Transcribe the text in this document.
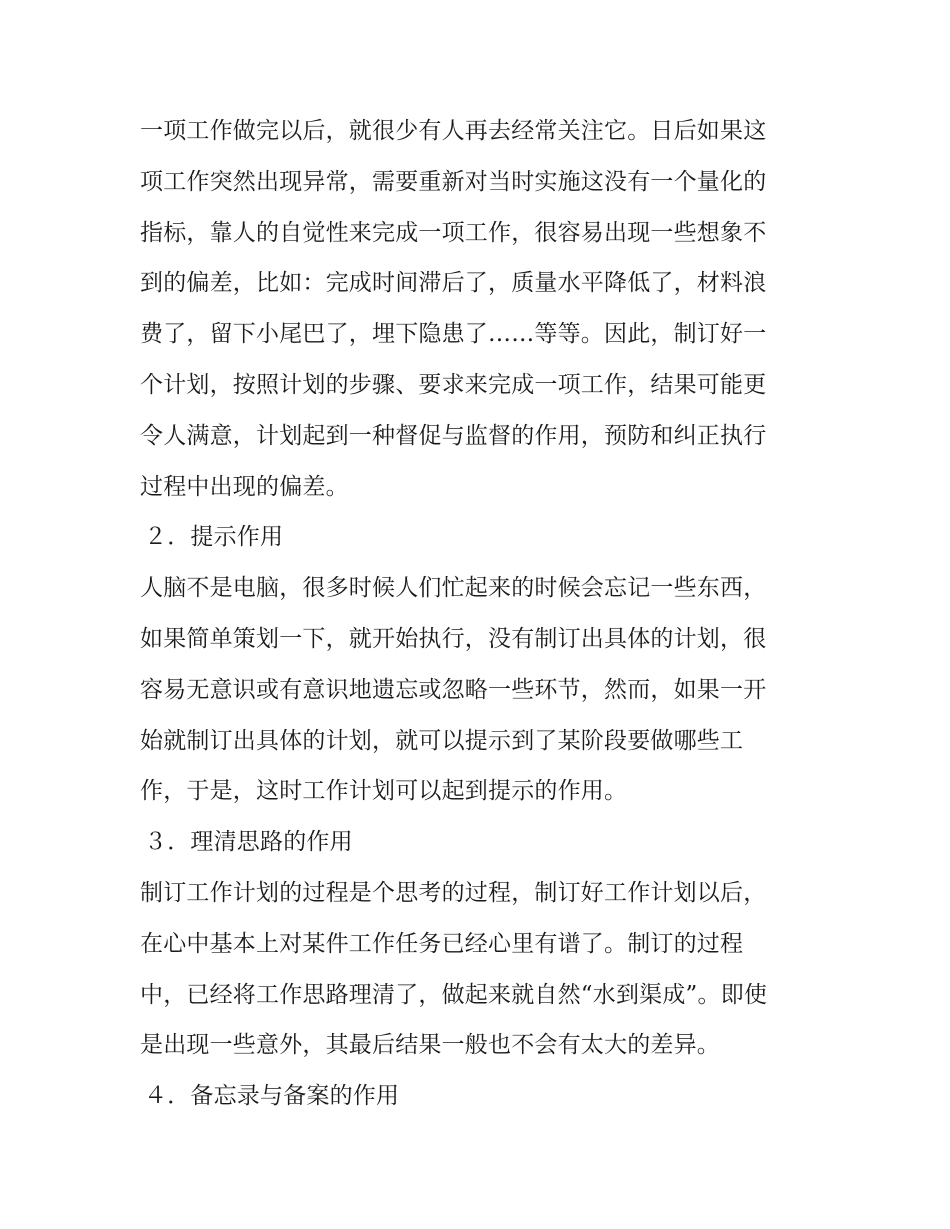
一项工作做完以后，就很少有人再去经常关注它。日后如果这
项工作突然出现异常，需要重新对当时实施这没有一个量化的
指标，靠人的自觉性来完成一项工作，很容易出现一些想象不
到的偏差，比如：完成时间滞后了，质量水平降低了，材料浪
费了，留下小尾巴了，埋下隐患了……等等。因此，制订好一
个计划，按照计划的步骤、要求来完成一项工作，结果可能更
令人满意，计划起到一种督促与监督的作用，预防和纠正执行
过程中出现的偏差。
２．提示作用
人脑不是电脑，很多时候人们忙起来的时候会忘记一些东西，
如果简单策划一下，就开始执行，没有制订出具体的计划，很
容易无意识或有意识地遗忘或忽略一些环节，然而，如果一开
始就制订出具体的计划，就可以提示到了某阶段要做哪些工
作，于是，这时工作计划可以起到提示的作用。
３．理清思路的作用
制订工作计划的过程是个思考的过程，制订好工作计划以后，
在心中基本上对某件工作任务已经心里有谱了。制订的过程
中，已经将工作思路理清了，做起来就自然“水到渠成”。即使
是出现一些意外，其最后结果一般也不会有太大的差异。
４．备忘录与备案的作用
